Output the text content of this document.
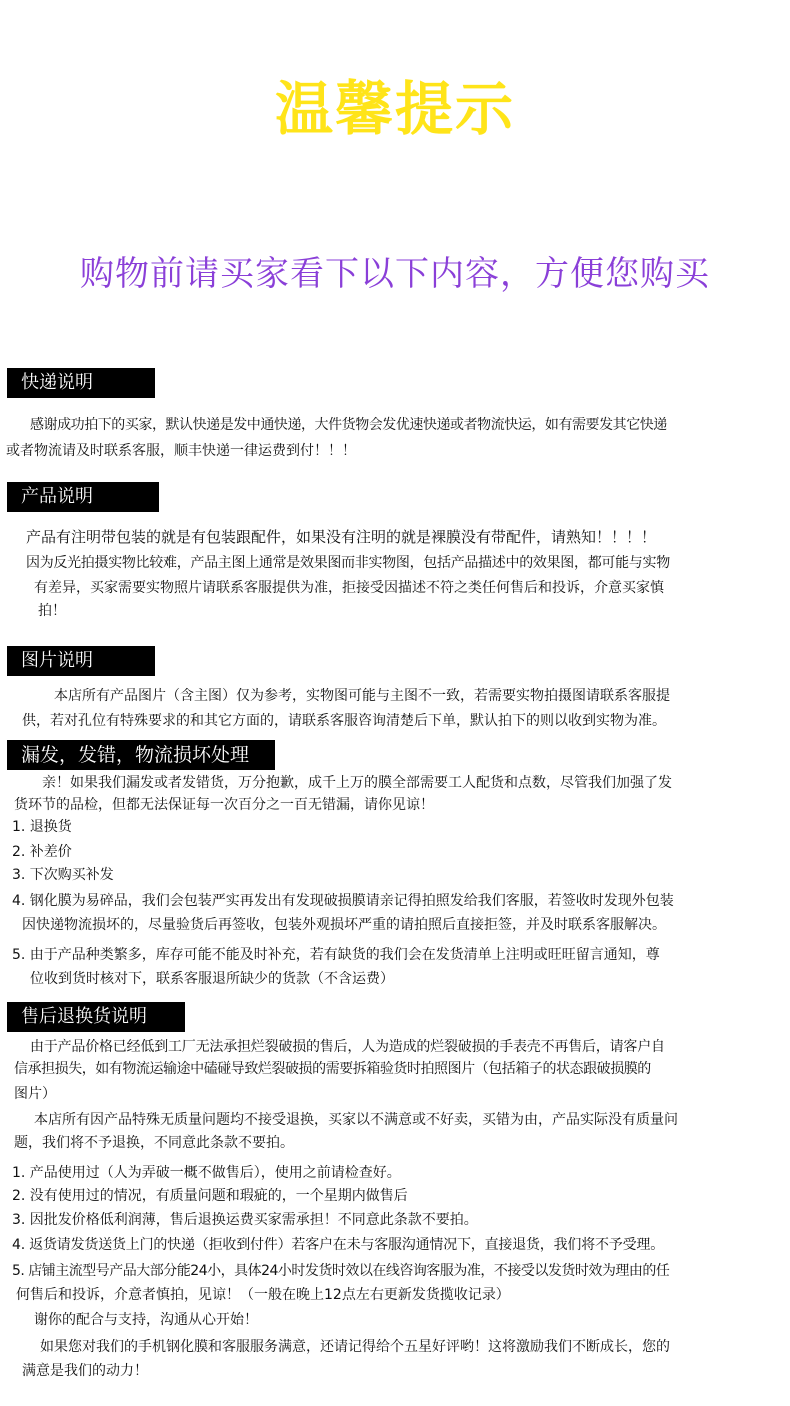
温馨提示
购物前请买家看下以下内容，方便您购买
快递说明
感谢成功拍下的买家，默认快递是发中通快递，大件货物会发优速快递或者物流快运，如有需要发其它快递
或者物流请及时联系客服，顺丰快递一律运费到付！！！
产品说明
产品有注明带包装的就是有包装跟配件，如果没有注明的就是裸膜没有带配件，请熟知！！！！
因为反光拍摄实物比较难，产品主图上通常是效果图而非实物图，包括产品描述中的效果图，都可能与实物
有差异，买家需要实物照片请联系客服提供为准，拒接受因描述不符之类任何售后和投诉，介意买家慎
拍！
图片说明
本店所有产品图片（含主图）仅为参考，实物图可能与主图不一致，若需要实物拍摄图请联系客服提
供，若对孔位有特殊要求的和其它方面的，请联系客服咨询清楚后下单，默认拍下的则以收到实物为准。
漏发，发错，物流损坏处理
亲！如果我们漏发或者发错货，万分抱歉，成千上万的膜全部需要工人配货和点数，尽管我们加强了发
货环节的品检，但都无法保证每一次百分之一百无错漏，请你见谅！
1. 退换货
2. 补差价
3. 下次购买补发
4. 钢化膜为易碎品，我们会包装严实再发出有发现破损膜请亲记得拍照发给我们客服，若签收时发现外包装
因快递物流损坏的，尽量验货后再签收，包装外观损坏严重的请拍照后直接拒签，并及时联系客服解决。
5. 由于产品种类繁多，库存可能不能及时补充，若有缺货的我们会在发货清单上注明或旺旺留言通知，尊
位收到货时核对下，联系客服退所缺少的货款（不含运费）
售后退换货说明
由于产品价格已经低到工厂无法承担烂裂破损的售后，人为造成的烂裂破损的手表壳不再售后，请客户自
信承担损失，如有物流运输途中磕碰导致烂裂破损的需要拆箱验货时拍照图片（包括箱子的状态跟破损膜的
图片）
本店所有因产品特殊无质量问题均不接受退换，买家以不满意或不好卖，买错为由，产品实际没有质量问
题，我们将不予退换，不同意此条款不要拍。
1. 产品使用过（人为弄破一概不做售后），使用之前请检查好。
2. 没有使用过的情况，有质量问题和瑕疵的，一个星期内做售后
3. 因批发价格低利润薄，售后退换运费买家需承担！不同意此条款不要拍。
4. 返货请发货送货上门的快递（拒收到付件）若客户在未与客服沟通情况下，直接退货，我们将不予受理。
5. 店铺主流型号产品大部分能24小，具体24小时发货时效以在线咨询客服为准，不接受以发货时效为理由的任
何售后和投诉，介意者慎拍，见谅！（一般在晚上12点左右更新发货揽收记录）
谢你的配合与支持，沟通从心开始！
如果您对我们的手机钢化膜和客服服务满意，还请记得给个五星好评哟！这将激励我们不断成长，您的
满意是我们的动力！
